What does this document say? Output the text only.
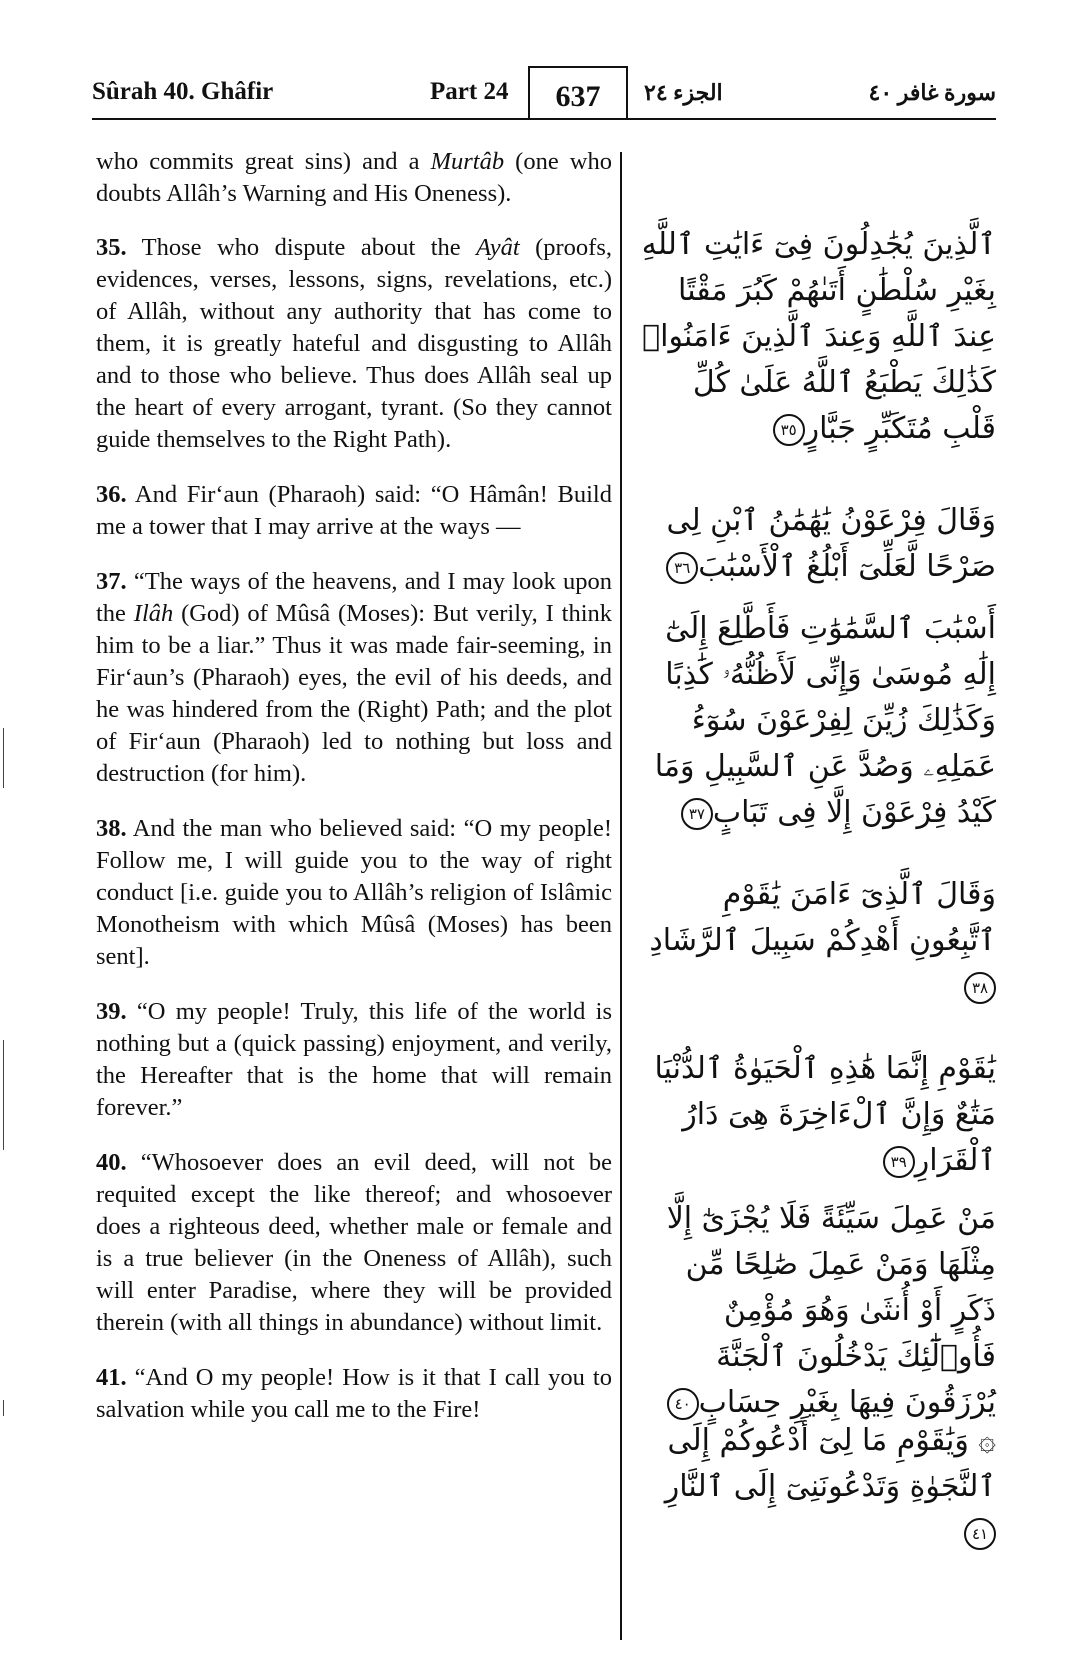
Sûrah 40. Ghâfir	Part 24	637	الجزء ٢٤	سورة غافر ٤٠

who commits great sins) and a Murtâb (one who doubts Allâh’s Warning and His Oneness).

35. Those who dispute about the Ayât (proofs, evidences, verses, lessons, signs, revelations, etc.) of Allâh, without any authority that has come to them, it is greatly hateful and disgusting to Allâh and to those who believe. Thus does Allâh seal up the heart of every arrogant, tyrant. (So they cannot guide themselves to the Right Path).

36. And Fir‘aun (Pharaoh) said: “O Hâmân! Build me a tower that I may arrive at the ways —

37. “The ways of the heavens, and I may look upon the Ilâh (God) of Mûsâ (Moses): But verily, I think him to be a liar.” Thus it was made fair-seeming, in Fir‘aun’s (Pharaoh) eyes, the evil of his deeds, and he was hindered from the (Right) Path; and the plot of Fir‘aun (Pharaoh) led to nothing but loss and destruction (for him).

38. And the man who believed said: “O my people! Follow me, I will guide you to the way of right conduct [i.e. guide you to Allâh’s religion of Islâmic Monotheism with which Mûsâ (Moses) has been sent].

39. “O my people! Truly, this life of the world is nothing but a (quick passing) enjoyment, and verily, the Hereafter that is the home that will remain forever.”

40. “Whosoever does an evil deed, will not be requited except the like thereof; and whosoever does a righteous deed, whether male or female and is a true believer (in the Oneness of Allâh), such will enter Paradise, where they will be provided therein (with all things in abundance) without limit.

41. “And O my people! How is it that I call you to salvation while you call me to the Fire!

ٱلَّذِينَ يُجَٰدِلُونَ فِىٓ ءَايَٰتِ ٱللَّهِ بِغَيْرِ سُلْطَٰنٍ أَتَىٰهُمْ كَبُرَ مَقْتًا عِندَ ٱللَّهِ وَعِندَ ٱلَّذِينَ ءَامَنُوا۟ كَذَٰلِكَ يَطْبَعُ ٱللَّهُ عَلَىٰ كُلِّ قَلْبِ مُتَكَبِّرٍ جَبَّارٍ٣٥
وَقَالَ فِرْعَوْنُ يَٰهَٰمَٰنُ ٱبْنِ لِى صَرْحًا لَّعَلِّىٓ أَبْلُغُ ٱلْأَسْبَٰبَ٣٦
أَسْبَٰبَ ٱلسَّمَٰوَٰتِ فَأَطَّلِعَ إِلَىٰٓ إِلَٰهِ مُوسَىٰ وَإِنِّى لَأَظُنُّهُۥ كَٰذِبًا وَكَذَٰلِكَ زُيِّنَ لِفِرْعَوْنَ سُوٓءُ عَمَلِهِۦ وَصُدَّ عَنِ ٱلسَّبِيلِ وَمَا كَيْدُ فِرْعَوْنَ إِلَّا فِى تَبَابٍ٣٧
وَقَالَ ٱلَّذِىٓ ءَامَنَ يَٰقَوْمِ ٱتَّبِعُونِ أَهْدِكُمْ سَبِيلَ ٱلرَّشَادِ٣٨
يَٰقَوْمِ إِنَّمَا هَٰذِهِ ٱلْحَيَوٰةُ ٱلدُّنْيَا مَتَٰعٌ وَإِنَّ ٱلْءَاخِرَةَ هِىَ دَارُ ٱلْقَرَارِ٣٩
مَنْ عَمِلَ سَيِّئَةً فَلَا يُجْزَىٰٓ إِلَّا مِثْلَهَا وَمَنْ عَمِلَ صَٰلِحًا مِّن ذَكَرٍ أَوْ أُنثَىٰ وَهُوَ مُؤْمِنٌ فَأُو۟لَٰٓئِكَ يَدْخُلُونَ ٱلْجَنَّةَ يُرْزَقُونَ فِيهَا بِغَيْرِ حِسَابٍ٤٠
۞ وَيَٰقَوْمِ مَا لِىٓ أَدْعُوكُمْ إِلَى ٱلنَّجَوٰةِ وَتَدْعُونَنِىٓ إِلَى ٱلنَّارِ٤١
